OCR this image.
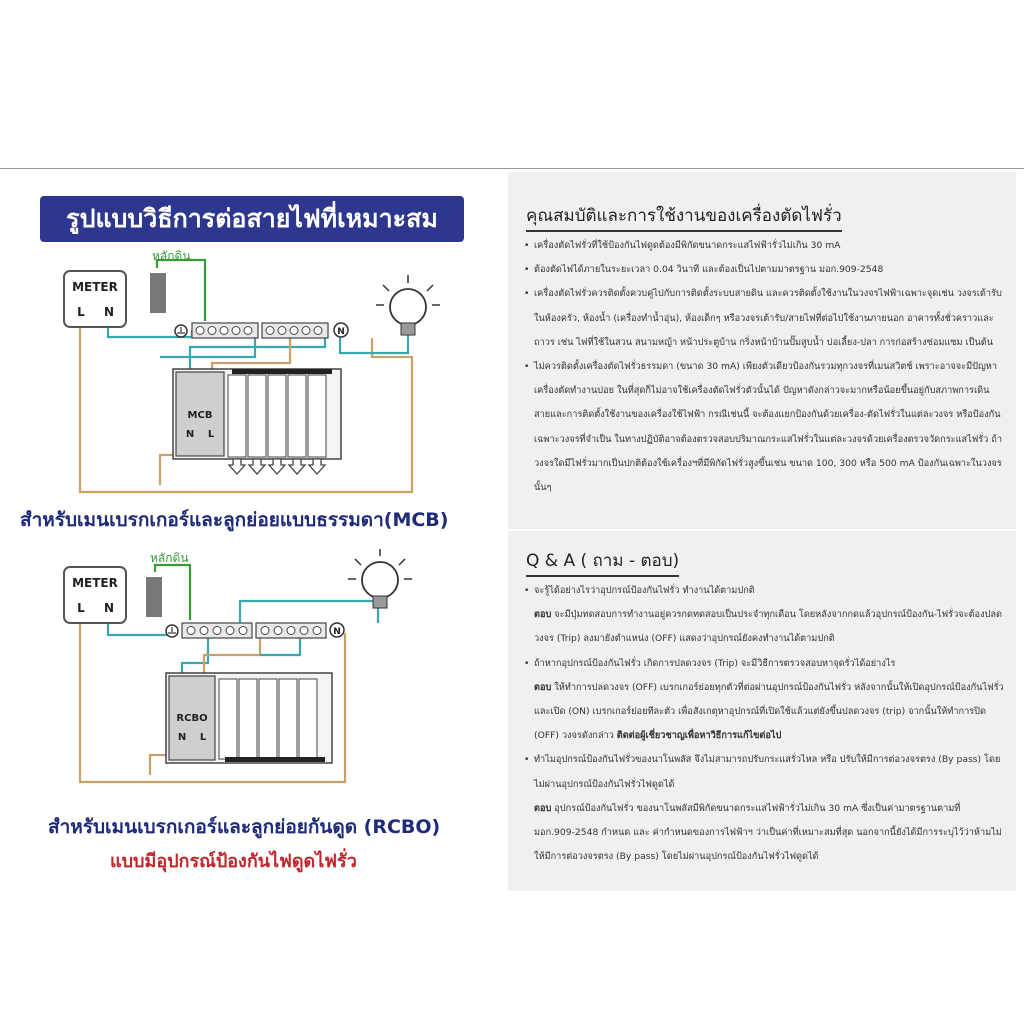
รูปแบบวิธีการต่อสายไฟที่เหมาะสม
METER
L N
หลักดิน
N
MCB
N L
สำหรับเมนเบรกเกอร์และลูกย่อยแบบธรรมดา(MCB)
METER
L N
หลักดิน
N
RCBO
N L
สำหรับเมนเบรกเกอร์และลูกย่อยกันดูด (RCBO)
แบบมีอุปกรณ์ป้องกันไฟดูดไฟรั่ว
คุณสมบัติและการใช้งานของเครื่องตัดไฟรั่ว
• เครื่องตัดไฟรั่วที่ใช้ป้องกันไฟดูดต้องมีพิกัดขนาดกระแสไฟฟ้ารั่วไม่เกิน 30 mA
• ต้องตัดไฟได้ภายในระยะเวลา 0.04 วินาที และต้องเป็นไปตามมาตรฐาน มอก.909-2548
• เครื่องตัดไฟรั่วควรติดตั้งควบคู่ไปกับการติดตั้งระบบสายดิน และควรติดตั้งใช้งานในวงจรไฟฟ้าเฉพาะจุดเช่น วงจรเต้ารับในห้องครัว, ห้องน้ำ (เครื่องทำน้ำอุ่น), ห้องเด็กๆ หรือวงจรเต้ารับ/สายไฟที่ต่อไปใช้งานภายนอก อาคารทั้งชั่วคราวและถาวร เช่น ไฟที่ใช้ในสวน สนามหญ้า หน้าประตูบ้าน กริ่งหน้าบ้านปั๊มสูบน้ำ บ่อเลี้ยง-ปลา การก่อสร้างซ่อมแซม เป็นต้น
• ไม่ควรติดตั้งเครื่องตัดไฟรั่วธรรมดา (ขนาด 30 mA) เพียงตัวเดียวป้องกันรวมทุกวงจรที่เมนสวิตช์ เพราะอาจจะมีปัญหาเครื่องตัดทำงานบ่อย ในที่สุดก็ไม่อาจใช้เครื่องตัดไฟรั่วตัวนั้นได้ ปัญหาดังกล่าวจะมากหรือน้อยขึ้นอยู่กับสภาพการเดินสายและการติดตั้งใช้งานของเครื่องใช้ไฟฟ้า กรณีเช่นนี้ จะต้องแยกป้องกันด้วยเครื่อง-ตัดไฟรั่วในแต่ละวงจร หรือป้องกันเฉพาะวงจรที่จำเป็น ในทางปฏิบัติอาจต้องตรวจสอบปริมาณกระแสไฟรั่วในแต่ละวงจรด้วยเครื่องตรวจวัดกระแสไฟรั่ว ถ้าวงจรใดมีไฟรั่วมากเป็นปกติต้องใช้เครื่องฯที่มีพิกัดไฟรั่วสูงขึ้นเช่น ขนาด 100, 300 หรือ 500 mA ป้องกันเฉพาะในวงจรนั้นๆ
Q & A ( ถาม - ตอบ)
• จะรู้ได้อย่างไรว่าอุปกรณ์ป้องกันไฟรั่ว ทำงานได้ตามปกติ
ตอบ จะมีปุ่มทดสอบการทำงานอยู่ควรกดทดสอบเป็นประจำทุกเดือน โดยหลังจากกดแล้วอุปกรณ์ป้องกัน-ไฟรั่วจะต้องปลดวงจร (Trip) ลงมายังตำแหน่ง (OFF) แสดงว่าอุปกรณ์ยังคงทำงานได้ตามปกติ
• ถ้าหากอุปกรณ์ป้องกันไฟรั่ว เกิดการปลดวงจร (Trip) จะมีวิธีการตรวจสอบหาจุดรั่วได้อย่างไร
ตอบ ให้ทำการปลดวงจร (OFF) เบรกเกอร์ย่อยทุกตัวที่ต่อผ่านอุปกรณ์ป้องกันไฟรั่ว หลังจากนั้นให้เปิดอุปกรณ์ป้องกันไฟรั่ว และเปิด (ON) เบรกเกอร์ย่อยทีละตัว เพื่อสังเกตุหาอุปกรณ์ที่เปิดใช้แล้วแต่ยังขึ้นปลดวงจร (trip) จากนั้นให้ทำการปิด (OFF) วงจรดังกล่าว ติดต่อผู้เชี่ยวชาญเพื่อหาวิธีการแก้ไขต่อไป
• ทำไมอุปกรณ์ป้องกันไฟรั่วของนาโนพลัส จึงไม่สามารถปรับกระแสรั่วไหล หรือ ปรับให้มีการต่อวงจรตรง (By pass) โดยไม่ผ่านอุปกรณ์ป้องกันไฟรั่วไฟดูดได้
ตอบ อุปกรณ์ป้องกันไฟรั่ว ของนาโนพลัสมีพิกัดขนาดกระแสไฟฟ้ารั่วไม่เกิน 30 mA ซึ่งเป็นค่ามาตรฐานตามที่ มอก.909-2548 กำหนด และ ค่ากำหนดของการไฟฟ้าฯ ว่าเป็นค่าที่เหมาะสมที่สุด นอกจากนี้ยังได้มีการระบุไว้ว่าห้ามไม่ให้มีการต่อวงจรตรง (By pass) โดยไม่ผ่านอุปกรณ์ป้องกันไฟรั่วไฟดูดได้
